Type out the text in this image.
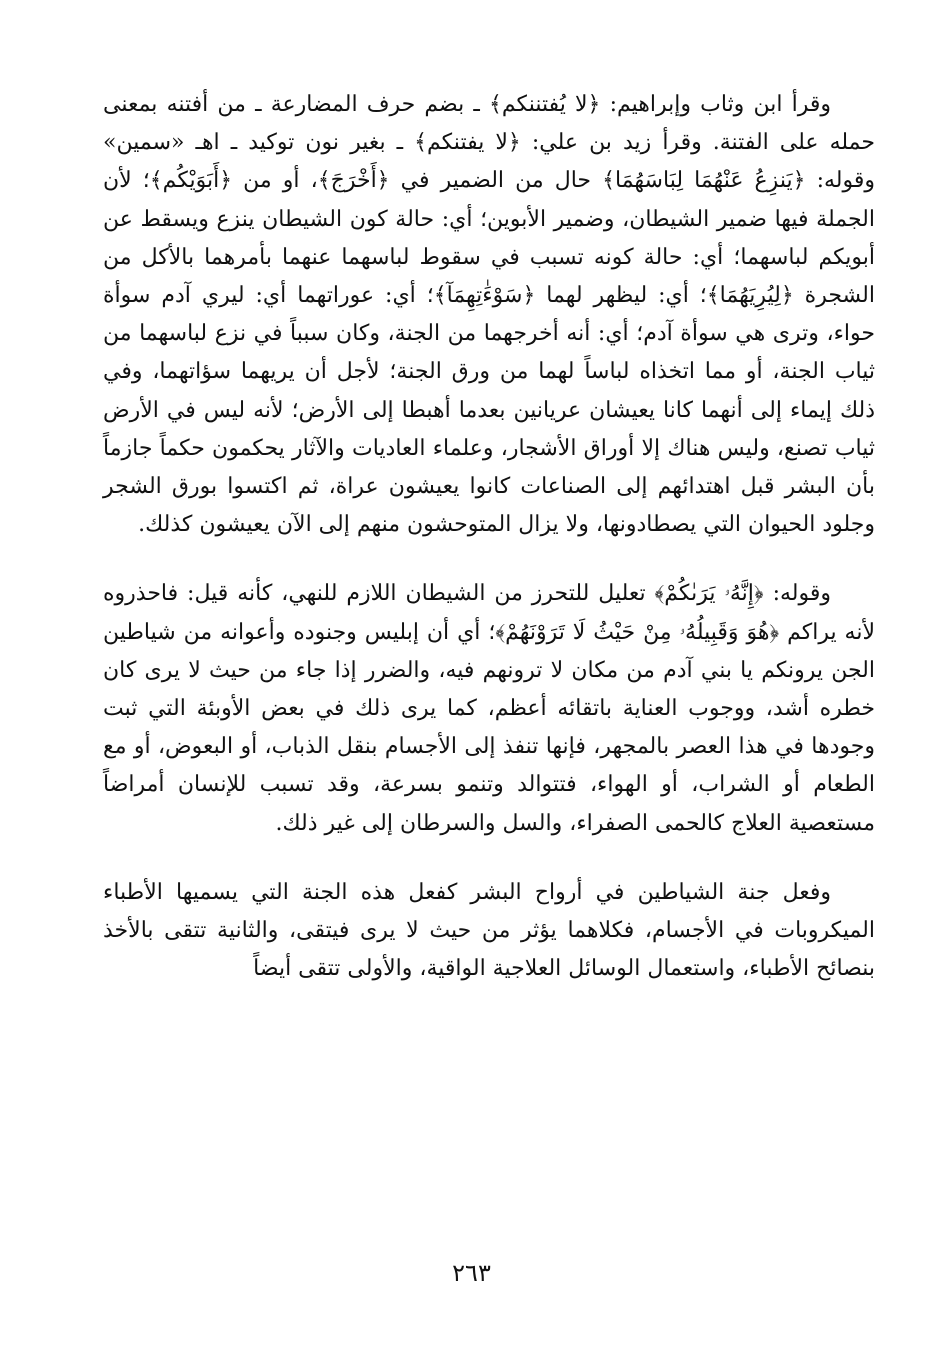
وقرأ ابن وثاب وإبراهيم: ﴿لا يُفتننكم﴾ ـ بضم حرف المضارعة ـ من أفتنه بمعنى حمله على الفتنة. وقرأ زيد بن علي: ﴿لا يفتنكم﴾ ـ بغير نون توكيد ـ اهـ «سمين» وقوله: ﴿يَنزِعُ عَنْهُمَا لِبَاسَهُمَا﴾ حال من الضمير في ﴿أَخْرَجَ﴾، أو من ﴿أَبَوَيْكُم﴾؛ لأن الجملة فيها ضمير الشيطان، وضمير الأبوين؛ أي: حالة كون الشيطان ينزع ويسقط عن أبويكم لباسهما؛ أي: حالة كونه تسبب في سقوط لباسهما عنهما بأمرهما بالأكل من الشجرة ﴿لِيُرِيَهُمَا﴾؛ أي: ليظهر لهما ﴿سَوْءَٰتِهِمَآ﴾؛ أي: عوراتهما أي: ليري آدم سوأة حواء، وترى هي سوأة آدم؛ أي: أنه أخرجهما من الجنة، وكان سبباً في نزع لباسهما من ثياب الجنة، أو مما اتخذاه لباساً لهما من ورق الجنة؛ لأجل أن يريهما سؤاتهما، وفي ذلك إيماء إلى أنهما كانا يعيشان عريانين بعدما أهبطا إلى الأرض؛ لأنه ليس في الأرض ثياب تصنع، وليس هناك إلا أوراق الأشجار، وعلماء العاديات والآثار يحكمون حكماً جازماً بأن البشر قبل اهتدائهم إلى الصناعات كانوا يعيشون عراة، ثم اكتسوا بورق الشجر وجلود الحيوان التي يصطادونها، ولا يزال المتوحشون منهم إلى الآن يعيشون كذلك.

وقوله: ﴿إِنَّهُۥ يَرَىٰكُمْ﴾ تعليل للتحرز من الشيطان اللازم للنهي، كأنه قيل: فاحذروه لأنه يراكم ﴿هُوَ وَقَبِيلُهُۥ مِنْ حَيْثُ لَا تَرَوْنَهُمْ﴾؛ أي أن إبليس وجنوده وأعوانه من شياطين الجن يرونكم يا بني آدم من مكان لا ترونهم فيه، والضرر إذا جاء من حيث لا يرى كان خطره أشد، ووجوب العناية باتقائه أعظم، كما يرى ذلك في بعض الأوبئة التي ثبت وجودها في هذا العصر بالمجهر، فإنها تنفذ إلى الأجسام بنقل الذباب، أو البعوض، أو مع الطعام أو الشراب، أو الهواء، فتتوالد وتنمو بسرعة، وقد تسبب للإنسان أمراضاً مستعصية العلاج كالحمى الصفراء، والسل والسرطان إلى غير ذلك.

وفعل جنة الشياطين في أرواح البشر كفعل هذه الجنة التي يسميها الأطباء الميكروبات في الأجسام، فكلاهما يؤثر من حيث لا يرى فيتقى، والثانية تتقى بالأخذ بنصائح الأطباء، واستعمال الوسائل العلاجية الواقية، والأولى تتقى أيضاً

٢٦٣
